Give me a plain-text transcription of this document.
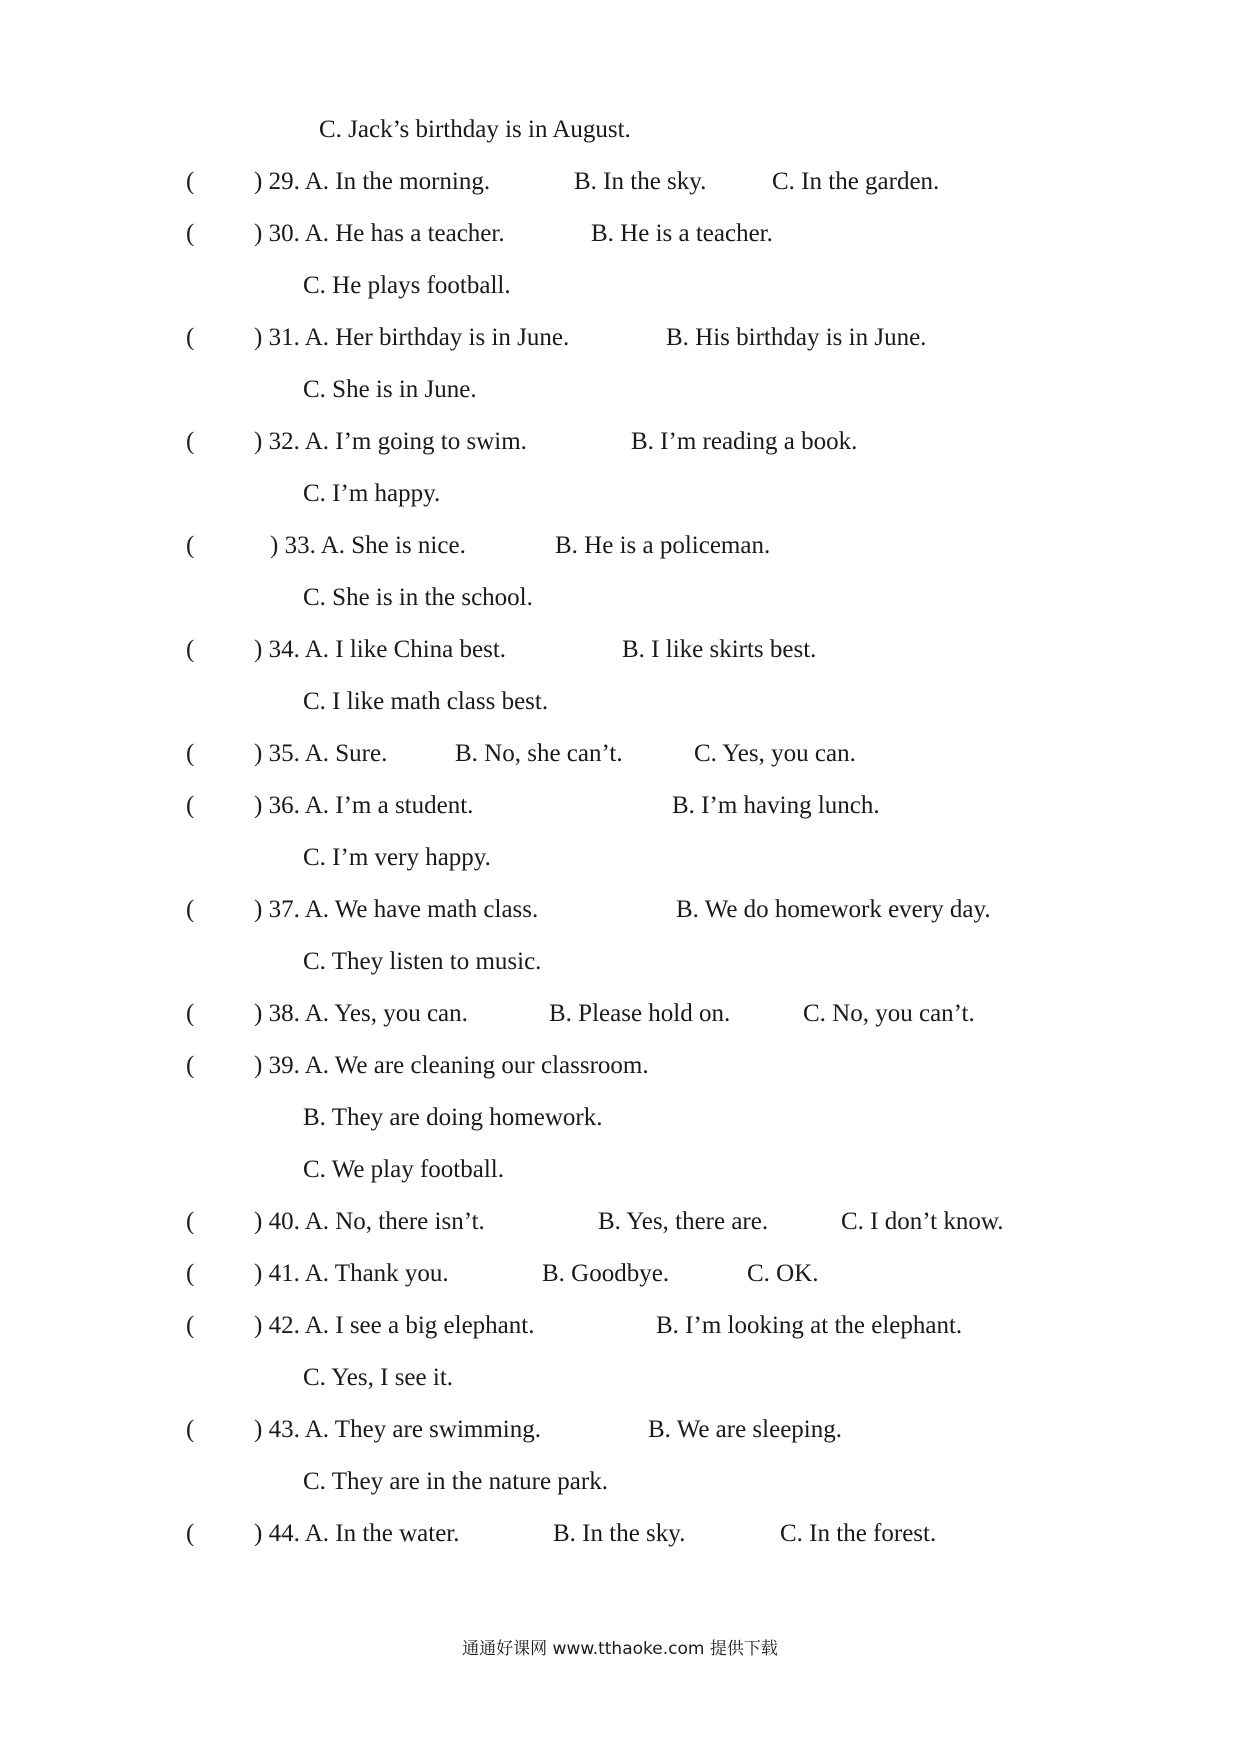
C. Jack’s birthday is in August.
( ) 29. A. In the morning.	B. In the sky.	C. In the garden.
( ) 30. A. He has a teacher.	B. He is a teacher.
C. He plays football.
( ) 31. A. Her birthday is in June.	B. His birthday is in June.
C. She is in June.
( ) 32. A. I’m going to swim.	B. I’m reading a book.
C. I’m happy.
(	) 33. A. She is nice.	B. He is a policeman.
C. She is in the school.
( ) 34. A. I like China best.	B. I like skirts best.
C. I like math class best.
( ) 35. A. Sure.	B. No, she can’t.	C. Yes, you can.
( ) 36. A. I’m a student.	B. I’m having lunch.
C. I’m very happy.
( ) 37. A. We have math class.	B. We do homework every day.
C. They listen to music.
( ) 38. A. Yes, you can.	B. Please hold on.	C. No, you can’t.
( ) 39. A. We are cleaning our classroom.
B. They are doing homework.
C. We play football.
( ) 40. A. No, there isn’t.	B. Yes, there are.	C. I don’t know.
( ) 41. A. Thank you.	B. Goodbye.	C. OK.
( ) 42. A. I see a big elephant.	B. I’m looking at the elephant.
C. Yes, I see it.
( ) 43. A. They are swimming.	B. We are sleeping.
C. They are in the nature park.
( ) 44. A. In the water.	B. In the sky.	C. In the forest.
通通好课网 www.tthaoke.com 提供下载
